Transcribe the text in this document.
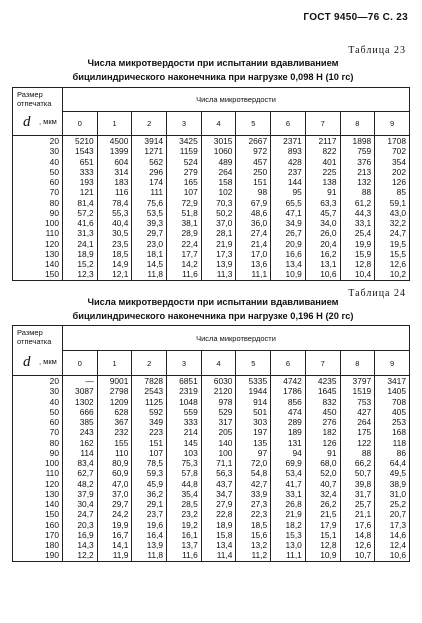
ГОСТ 9450—76 С. 23
Таблица 23
Числа микротвердости при испытании вдавливанием
бицилиндрического наконечника при нагрузке 0,098 Н (10 гс)
Размер
отпечатка
d , мкм	Числа микротвердости									
	0	1	2	3	4	5	6	7	8	9
20	5210	4500	3914	3425	3015	2667	2371	2117	1898	1708
30	1543	1399	1271	1159	1060	972	893	822	759	702
40	651	604	562	524	489	457	428	401	376	354
50	333	314	296	279	264	250	237	225	213	202
60	193	183	174	165	158	151	144	138	132	126
70	121	116	111	107	102	98	95	91	88	85
80	81,4	78,4	75,6	72,9	70,3	67,9	65,5	63,3	61,2	59,1
90	57,2	55,3	53,5	51,8	50,2	48,6	47,1	45,7	44,3	43,0
100	41,6	40,4	39,3	38,1	37,0	36,0	34,9	34,0	33,1	32,2
110	31,3	30,5	29,7	28,9	28,1	27,4	26,7	26,0	25,4	24,7
120	24,1	23,5	23,0	22,4	21,9	21,4	20,9	20,4	19,9	19,5
130	18,9	18,5	18,1	17,7	17,3	17,0	16,6	16,2	15,9	15,5
140	15,2	14,9	14,5	14,2	13,9	13,6	13,4	13,1	12,8	12,6
150	12,3	12,1	11,8	11,6	11,3	11,1	10,9	10,6	10,4	10,2
Таблица 24
Числа микротвердости при испытании вдавливанием
бицилиндрического наконечника при нагрузке 0,196 Н (20 гс)
Размер
отпечатка
d , мкм	Числа микротвердости									
	0	1	2	3	4	5	6	7	8	9
20	—	9001	7828	6851	6030	5335	4742	4235	3797	3417
30	3087	2798	2543	2319	2120	1944	1786	1645	1519	1405
40	1302	1209	1125	1048	978	914	856	832	753	708
50	666	628	592	559	529	501	474	450	427	405
60	385	367	349	333	317	303	289	276	264	253
70	243	232	223	214	205	197	189	182	175	168
80	162	155	151	145	140	135	131	126	122	118
90	114	110	107	103	100	97	94	91	88	86
100	83,4	80,9	78,5	75,3	71,1	72,0	69,9	68,0	66,2	64,4
110	62,7	60,9	59,3	57,8	56,3	54,8	53,4	52,0	50,7	49,5
120	48,2	47,0	45,9	44,8	43,7	42,7	41,7	40,7	39,8	38,9
130	37,9	37,0	36,2	35,4	34,7	33,9	33,1	32,4	31,7	31,0
140	30,4	29,7	29,1	28,5	27,9	27,3	26,8	26,2	25,7	25,2
150	24,7	24,2	23,7	23,2	22,8	22,3	21,9	21,5	21,1	20,7
160	20,3	19,9	19,6	19,2	18,9	18,5	18,2	17,9	17,6	17,3
170	16,9	16,7	16,4	16,1	15,8	15,6	15,3	15,1	14,8	14,6
180	14,3	14,1	13,9	13,7	13,4	13,2	13,0	12,8	12,6	12,4
190	12,2	11,9	11,8	11,6	11,4	11,2	11,1	10,9	10,7	10,6
